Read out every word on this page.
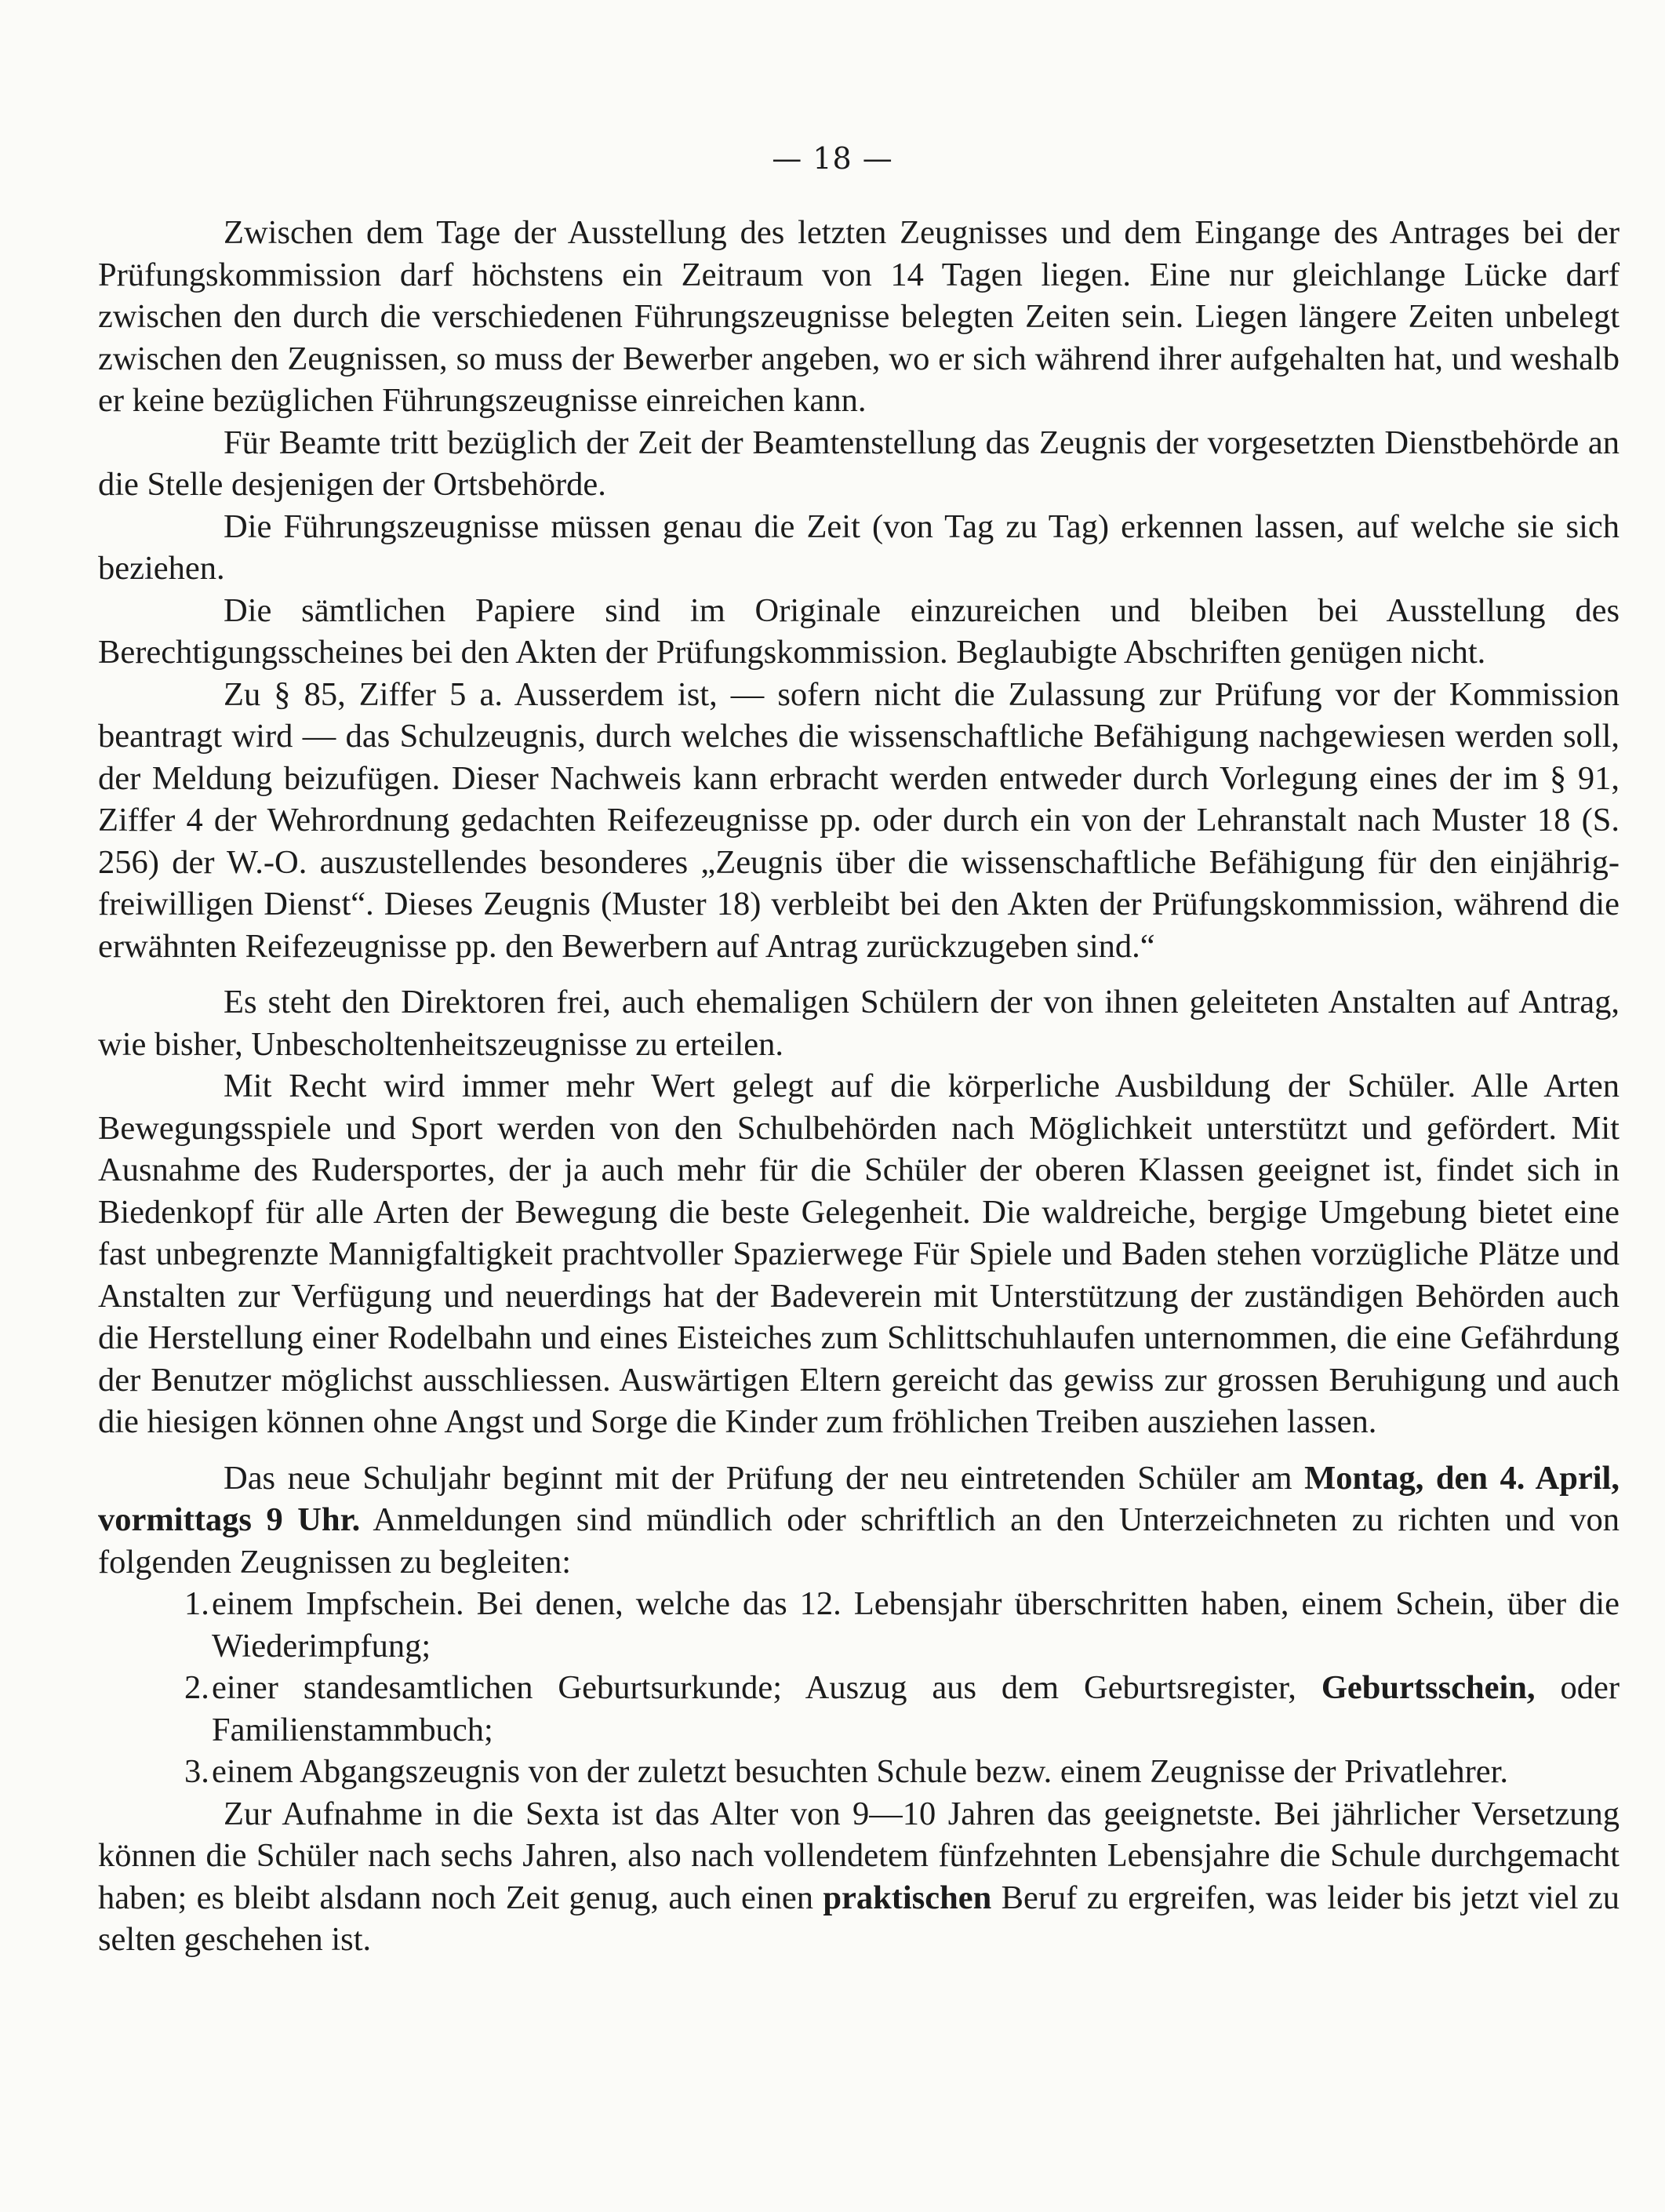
— 18 —

Zwischen dem Tage der Ausstellung des letzten Zeugnisses und dem Eingange des Antrages bei der Prüfungskommission darf höchstens ein Zeitraum von 14 Tagen liegen. Eine nur gleichlange Lücke darf zwischen den durch die verschiedenen Führungszeugnisse belegten Zeiten sein. Liegen längere Zeiten unbelegt zwischen den Zeugnissen, so muss der Bewerber angeben, wo er sich während ihrer aufgehalten hat, und weshalb er keine bezüglichen Führungszeugnisse einreichen kann.

Für Beamte tritt bezüglich der Zeit der Beamtenstellung das Zeugnis der vorgesetzten Dienstbehörde an die Stelle desjenigen der Ortsbehörde.

Die Führungszeugnisse müssen genau die Zeit (von Tag zu Tag) erkennen lassen, auf welche sie sich beziehen.

Die sämtlichen Papiere sind im Originale einzureichen und bleiben bei Ausstellung des Berechtigungsscheines bei den Akten der Prüfungskommission. Beglaubigte Abschriften genügen nicht.

Zu § 85, Ziffer 5 a. Ausserdem ist, — sofern nicht die Zulassung zur Prüfung vor der Kommission beantragt wird — das Schulzeugnis, durch welches die wissenschaftliche Befähigung nachgewiesen werden soll, der Meldung beizufügen. Dieser Nachweis kann erbracht werden entweder durch Vorlegung eines der im § 91, Ziffer 4 der Wehrordnung gedachten Reifezeugnisse pp. oder durch ein von der Lehranstalt nach Muster 18 (S. 256) der W.-O. auszustellendes besonderes „Zeugnis über die wissenschaftliche Befähigung für den einjährig-freiwilligen Dienst“. Dieses Zeugnis (Muster 18) verbleibt bei den Akten der Prüfungskommission, während die erwähnten Reifezeugnisse pp. den Bewerbern auf Antrag zurückzugeben sind.“

Es steht den Direktoren frei, auch ehemaligen Schülern der von ihnen geleiteten Anstalten auf Antrag, wie bisher, Unbescholtenheitszeugnisse zu erteilen.

Mit Recht wird immer mehr Wert gelegt auf die körperliche Ausbildung der Schüler. Alle Arten Bewegungsspiele und Sport werden von den Schulbehörden nach Möglichkeit unterstützt und gefördert. Mit Ausnahme des Rudersportes, der ja auch mehr für die Schüler der oberen Klassen geeignet ist, findet sich in Biedenkopf für alle Arten der Bewegung die beste Gelegenheit. Die waldreiche, bergige Umgebung bietet eine fast unbegrenzte Mannigfaltigkeit prachtvoller Spazierwege Für Spiele und Baden stehen vorzügliche Plätze und Anstalten zur Verfügung und neuerdings hat der Badeverein mit Unterstützung der zuständigen Behörden auch die Herstellung einer Rodelbahn und eines Eisteiches zum Schlittschuhlaufen unternommen, die eine Gefährdung der Benutzer möglichst ausschliessen. Auswärtigen Eltern gereicht das gewiss zur grossen Beruhigung und auch die hiesigen können ohne Angst und Sorge die Kinder zum fröhlichen Treiben ausziehen lassen.

Das neue Schuljahr beginnt mit der Prüfung der neu eintretenden Schüler am Montag, den 4. April, vormittags 9 Uhr. Anmeldungen sind mündlich oder schriftlich an den Unterzeichneten zu richten und von folgenden Zeugnissen zu begleiten:

1. einem Impfschein. Bei denen, welche das 12. Lebensjahr überschritten haben, einem Schein, über die Wiederimpfung;
2. einer standesamtlichen Geburtsurkunde; Auszug aus dem Geburtsregister, Geburtsschein, oder Familienstammbuch;
3. einem Abgangszeugnis von der zuletzt besuchten Schule bezw. einem Zeugnisse der Privatlehrer.

Zur Aufnahme in die Sexta ist das Alter von 9—10 Jahren das geeignetste. Bei jährlicher Versetzung können die Schüler nach sechs Jahren, also nach vollendetem fünfzehnten Lebensjahre die Schule durchgemacht haben; es bleibt alsdann noch Zeit genug, auch einen praktischen Beruf zu ergreifen, was leider bis jetzt viel zu selten geschehen ist.
